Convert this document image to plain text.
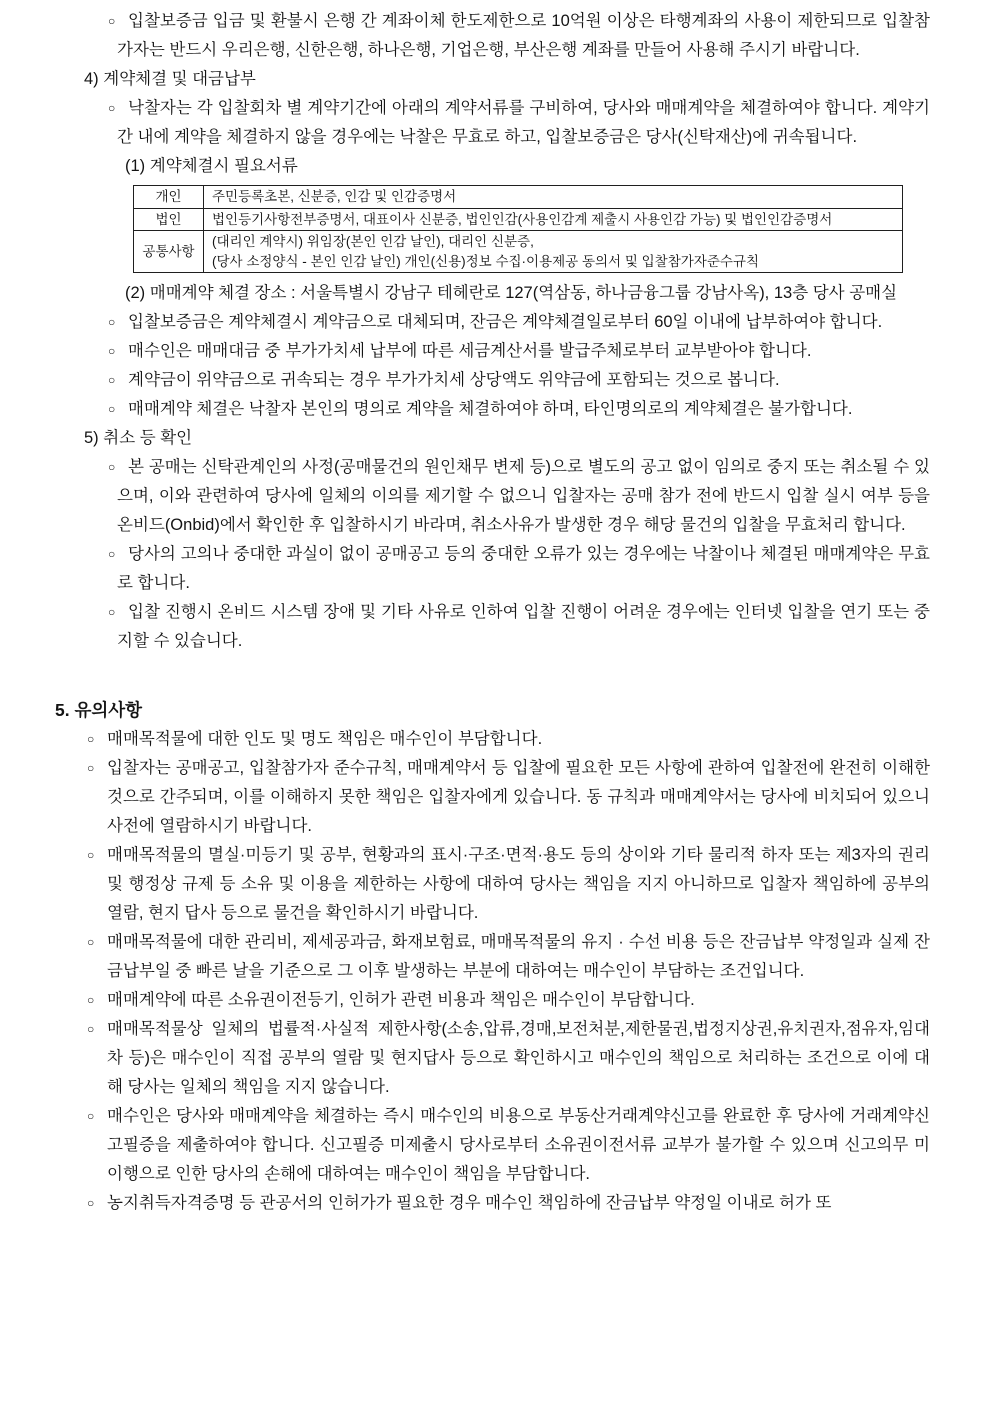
○ 입찰보증금 입금 및 환불시 은행 간 계좌이체 한도제한으로 10억원 이상은 타행계좌의 사용이 제한되므로 입찰참가자는 반드시 우리은행, 신한은행, 하나은행, 기업은행, 부산은행 계좌를 만들어 사용해 주시기 바랍니다.
4) 계약체결 및 대금납부
○ 낙찰자는 각 입찰회차 별 계약기간에 아래의 계약서류를 구비하여, 당사와 매매계약을 체결하여야 합니다. 계약기간 내에 계약을 체결하지 않을 경우에는 낙찰은 무효로 하고, 입찰보증금은 당사(신탁재산)에 귀속됩니다.
(1) 계약체결시 필요서류
개인	주민등록초본, 신분증, 인감 및 인감증명서
법인	법인등기사항전부증명서, 대표이사 신분증, 법인인감(사용인감계 제출시 사용인감 가능) 및 법인인감증명서
공통사항	(대리인 계약시) 위임장(본인 인감 날인), 대리인 신분증,
(당사 소정양식 - 본인 인감 날인) 개인(신용)정보 수집·이용제공 동의서 및 입찰참가자준수규칙
(2) 매매계약 체결 장소 : 서울특별시 강남구 테헤란로 127(역삼동, 하나금융그룹 강남사옥), 13층 당사 공매실
○ 입찰보증금은 계약체결시 계약금으로 대체되며, 잔금은 계약체결일로부터 60일 이내에 납부하여야 합니다.
○ 매수인은 매매대금 중 부가가치세 납부에 따른 세금계산서를 발급주체로부터 교부받아야 합니다.
○ 계약금이 위약금으로 귀속되는 경우 부가가치세 상당액도 위약금에 포함되는 것으로 봅니다.
○ 매매계약 체결은 낙찰자 본인의 명의로 계약을 체결하여야 하며, 타인명의로의 계약체결은 불가합니다.
5) 취소 등 확인
○ 본 공매는 신탁관계인의 사정(공매물건의 원인채무 변제 등)으로 별도의 공고 없이 임의로 중지 또는 취소될 수 있으며, 이와 관련하여 당사에 일체의 이의를 제기할 수 없으니 입찰자는 공매 참가 전에 반드시 입찰 실시 여부 등을 온비드(Onbid)에서 확인한 후 입찰하시기 바라며, 취소사유가 발생한 경우 해당 물건의 입찰을 무효처리 합니다.
○ 당사의 고의나 중대한 과실이 없이 공매공고 등의 중대한 오류가 있는 경우에는 낙찰이나 체결된 매매계약은 무효로 합니다.
○ 입찰 진행시 온비드 시스템 장애 및 기타 사유로 인하여 입찰 진행이 어려운 경우에는 인터넷 입찰을 연기 또는 중지할 수 있습니다.
5. 유의사항
○ 매매목적물에 대한 인도 및 명도 책임은 매수인이 부담합니다.
○ 입찰자는 공매공고, 입찰참가자 준수규칙, 매매계약서 등 입찰에 필요한 모든 사항에 관하여 입찰전에 완전히 이해한 것으로 간주되며, 이를 이해하지 못한 책임은 입찰자에게 있습니다. 동 규칙과 매매계약서는 당사에 비치되어 있으니 사전에 열람하시기 바랍니다.
○ 매매목적물의 멸실·미등기 및 공부, 현황과의 표시·구조·면적·용도 등의 상이와 기타 물리적 하자 또는 제3자의 권리 및 행정상 규제 등 소유 및 이용을 제한하는 사항에 대하여 당사는 책임을 지지 아니하므로 입찰자 책임하에 공부의 열람, 현지 답사 등으로 물건을 확인하시기 바랍니다.
○ 매매목적물에 대한 관리비, 제세공과금, 화재보험료, 매매목적물의 유지 · 수선 비용 등은 잔금납부 약정일과 실제 잔금납부일 중 빠른 날을 기준으로 그 이후 발생하는 부분에 대하여는 매수인이 부담하는 조건입니다.
○ 매매계약에 따른 소유권이전등기, 인허가 관련 비용과 책임은 매수인이 부담합니다.
○ 매매목적물상 일체의 법률적·사실적 제한사항(소송,압류,경매,보전처분,제한물권,법정지상권,유치권자,점유자,임대차 등)은 매수인이 직접 공부의 열람 및 현지답사 등으로 확인하시고 매수인의 책임으로 처리하는 조건으로 이에 대해 당사는 일체의 책임을 지지 않습니다.
○ 매수인은 당사와 매매계약을 체결하는 즉시 매수인의 비용으로 부동산거래계약신고를 완료한 후 당사에 거래계약신고필증을 제출하여야 합니다. 신고필증 미제출시 당사로부터 소유권이전서류 교부가 불가할 수 있으며 신고의무 미이행으로 인한 당사의 손해에 대하여는 매수인이 책임을 부담합니다.
○ 농지취득자격증명 등 관공서의 인허가가 필요한 경우 매수인 책임하에 잔금납부 약정일 이내로 허가 또
